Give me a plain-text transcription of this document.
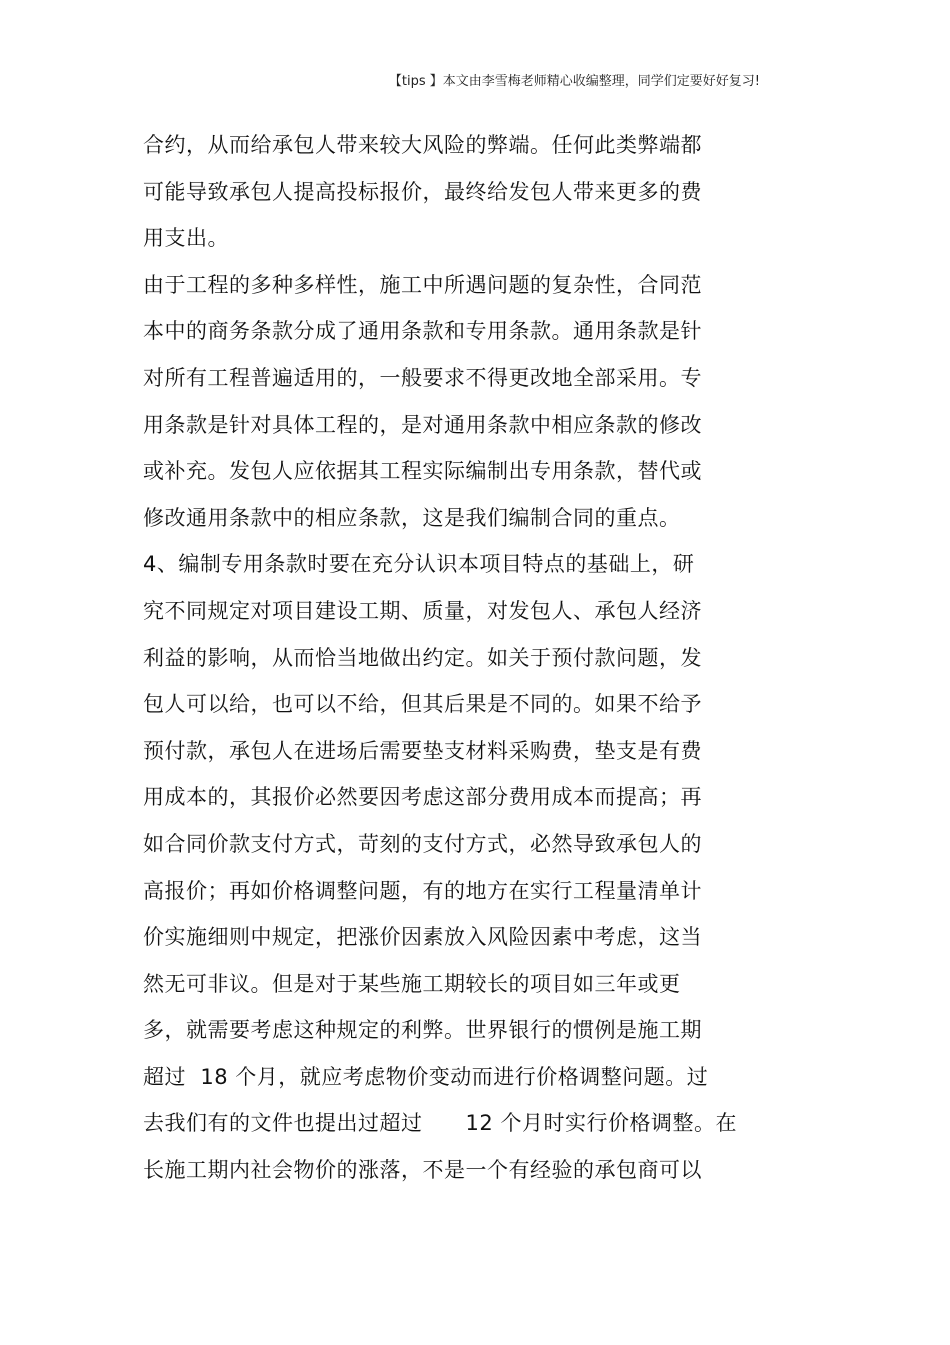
【tips 】本文由李雪梅老师精心收编整理，同学们定要好好复习!
合约，从而给承包人带来较大风险的弊端。任何此类弊端都
可能导致承包人提高投标报价，最终给发包人带来更多的费
用支出。
由于工程的多种多样性，施工中所遇问题的复杂性，合同范
本中的商务条款分成了通用条款和专用条款。通用条款是针
对所有工程普遍适用的，一般要求不得更改地全部采用。专
用条款是针对具体工程的，是对通用条款中相应条款的修改
或补充。发包人应依据其工程实际编制出专用条款，替代或
修改通用条款中的相应条款，这是我们编制合同的重点。
4、编制专用条款时要在充分认识本项目特点的基础上，研
究不同规定对项目建设工期、质量，对发包人、承包人经济
利益的影响，从而恰当地做出约定。如关于预付款问题，发
包人可以给，也可以不给，但其后果是不同的。如果不给予
预付款，承包人在进场后需要垫支材料采购费，垫支是有费
用成本的，其报价必然要因考虑这部分费用成本而提高；再
如合同价款支付方式，苛刻的支付方式，必然导致承包人的
高报价；再如价格调整问题，有的地方在实行工程量清单计
价实施细则中规定，把涨价因素放入风险因素中考虑，这当
然无可非议。但是对于某些施工期较长的项目如三年或更
多，就需要考虑这种规定的利弊。世界银行的惯例是施工期
超过  18 个月，就应考虑物价变动而进行价格调整问题。过
去我们有的文件也提出过超过      12 个月时实行价格调整。在
长施工期内社会物价的涨落，不是一个有经验的承包商可以
